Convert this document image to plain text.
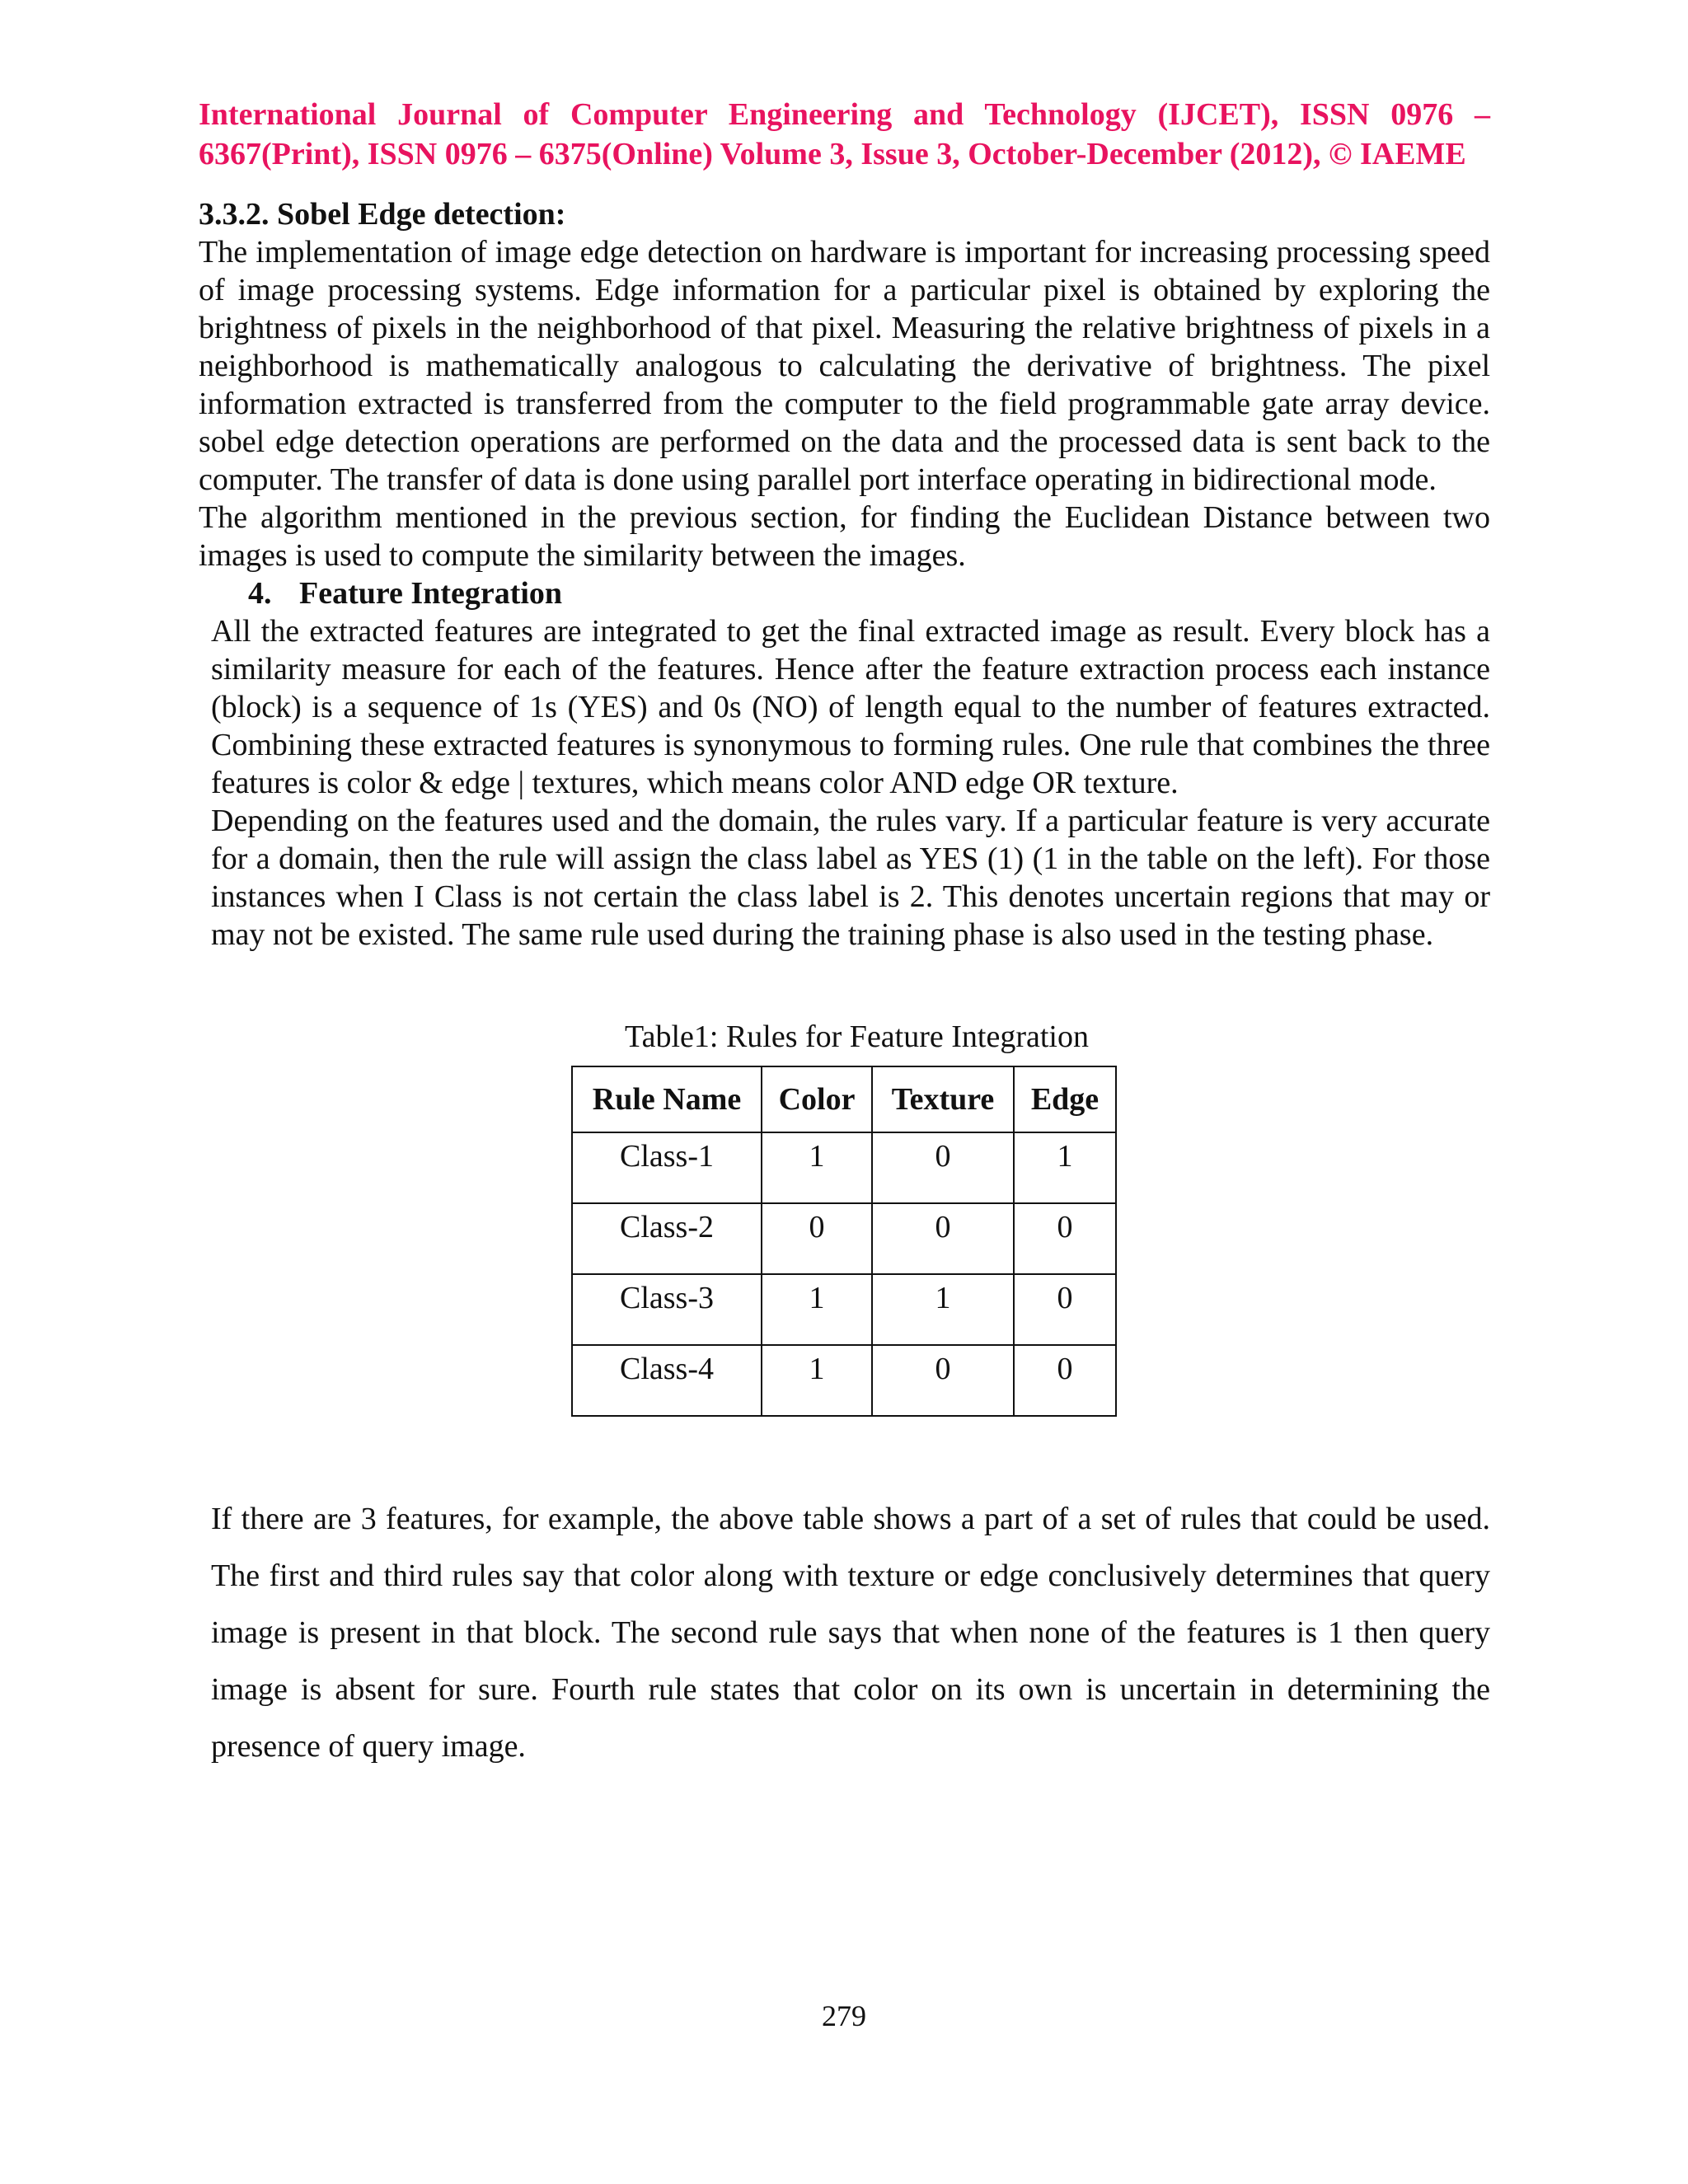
International Journal of Computer Engineering and Technology (IJCET), ISSN 0976 – 6367(Print), ISSN 0976 – 6375(Online) Volume 3, Issue 3, October-December (2012), © IAEME

3.3.2. Sobel Edge detection:

The implementation of image edge detection on hardware is important for increasing processing speed of image processing systems. Edge information for a particular pixel is obtained by exploring the brightness of pixels in the neighborhood of that pixel. Measuring the relative brightness of pixels in a neighborhood is mathematically analogous to calculating the derivative of brightness. The pixel information extracted is transferred from the computer to the field programmable gate array device. sobel edge detection operations are performed on the data and the processed data is sent back to the computer. The transfer of data is done using parallel port interface operating in bidirectional mode.

The algorithm mentioned in the previous section, for finding the Euclidean Distance between two images is used to compute the similarity between the images.

4. Feature Integration

All the extracted features are integrated to get the final extracted image as result. Every block has a similarity measure for each of the features. Hence after the feature extraction process each instance (block) is a sequence of 1s (YES) and 0s (NO) of length equal to the number of features extracted. Combining these extracted features is synonymous to forming rules. One rule that combines the three features is color & edge | textures, which means color AND edge OR texture.

Depending on the features used and the domain, the rules vary. If a particular feature is very accurate for a domain, then the rule will assign the class label as YES (1) (1 in the table on the left). For those instances when I Class is not certain the class label is 2. This denotes uncertain regions that may or may not be existed. The same rule used during the training phase is also used in the testing phase.

Table1: Rules for Feature Integration

Rule Name	Color	Texture	Edge
Class-1	1	0	1
Class-2	0	0	0
Class-3	1	1	0
Class-4	1	0	0

If there are 3 features, for example, the above table shows a part of a set of rules that could be used. The first and third rules say that color along with texture or edge conclusively determines that query image is present in that block. The second rule says that when none of the features is 1 then query image is absent for sure. Fourth rule states that color on its own is uncertain in determining the presence of query image.

279
